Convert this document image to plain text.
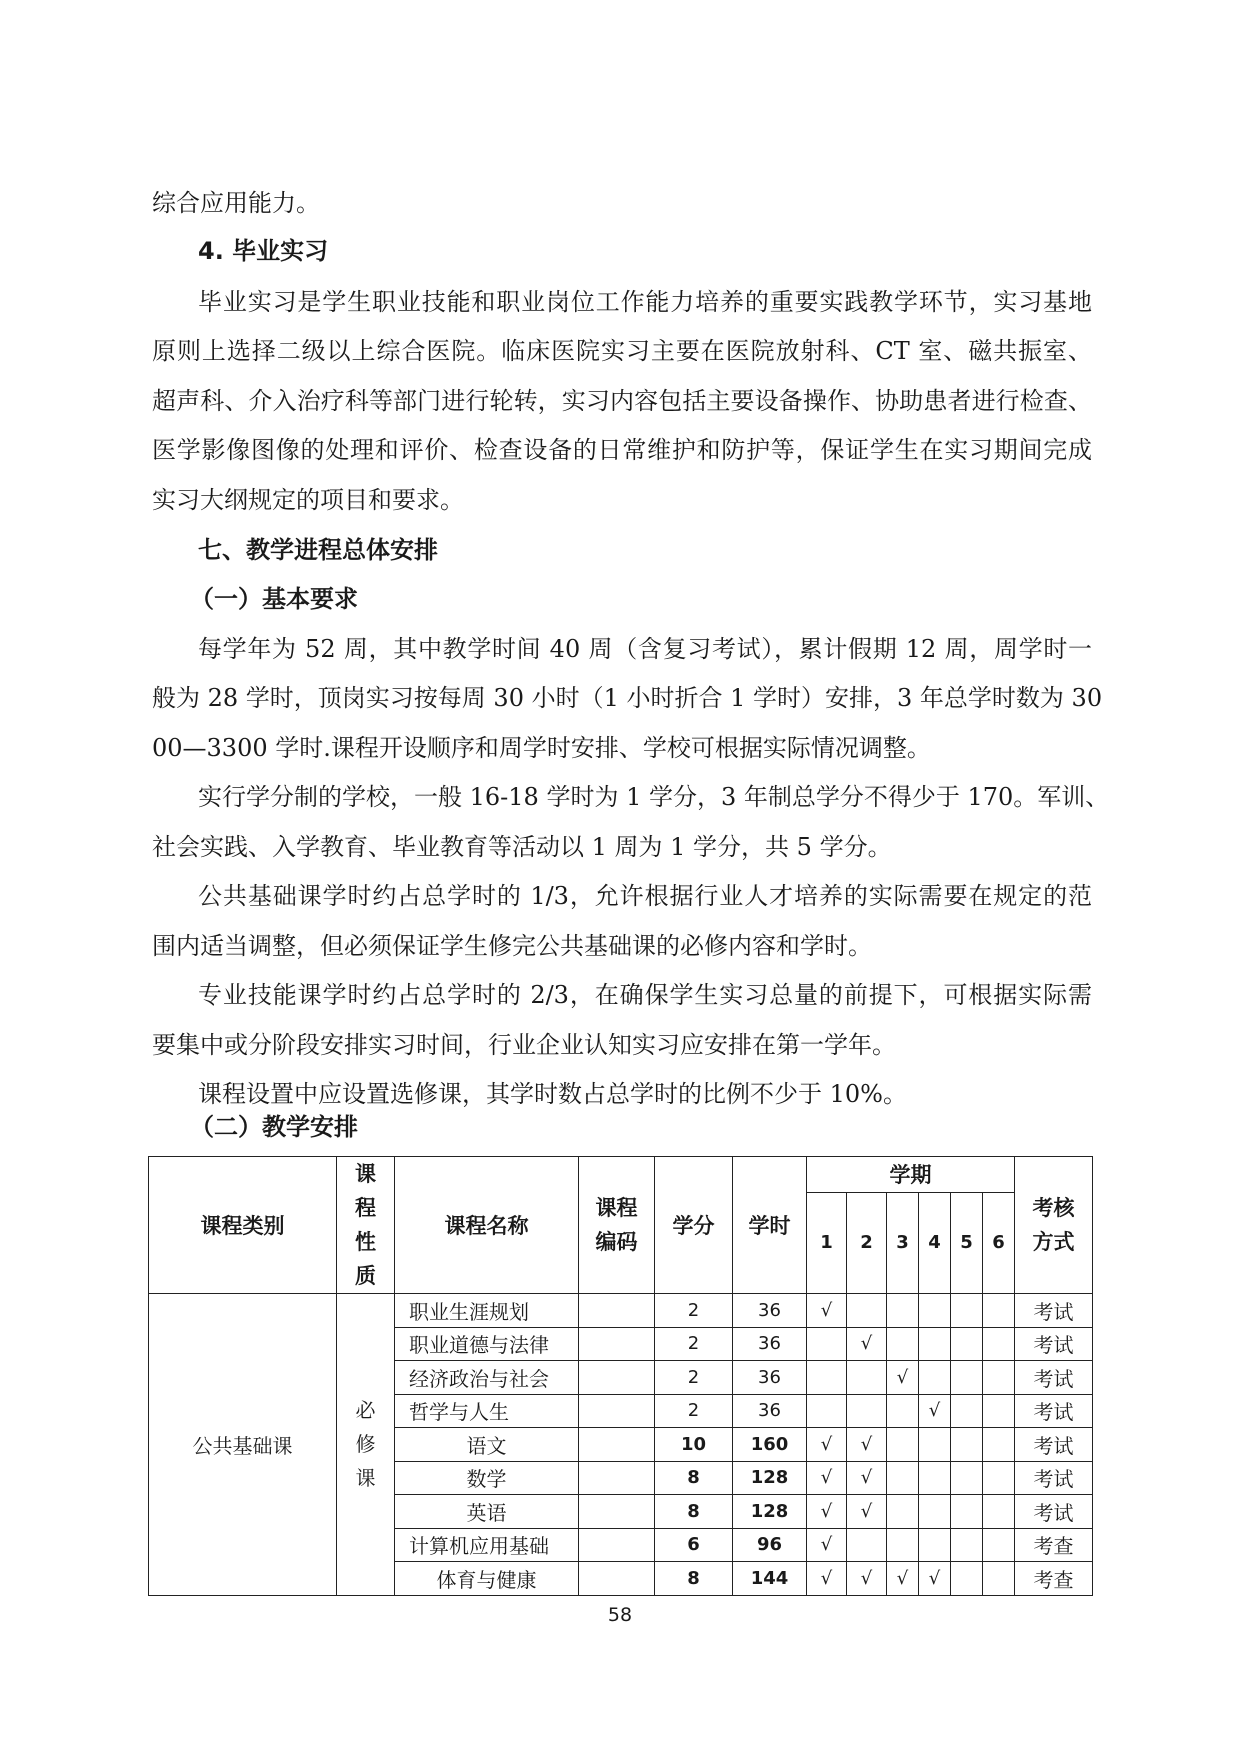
综合应用能力。
4. 毕业实习
毕业实习是学生职业技能和职业岗位工作能力培养的重要实践教学环节，实习基地
原则上选择二级以上综合医院。临床医院实习主要在医院放射科、CT 室、磁共振室、
超声科、介入治疗科等部门进行轮转，实习内容包括主要设备操作、协助患者进行检查、
医学影像图像的处理和评价、检查设备的日常维护和防护等，保证学生在实习期间完成
实习大纲规定的项目和要求。
七、教学进程总体安排
（一）基本要求
每学年为 52 周，其中教学时间 40 周（含复习考试），累计假期 12 周，周学时一
般为 28 学时，顶岗实习按每周 30 小时（1 小时折合 1 学时）安排，3 年总学时数为 30
00—3300 学时.课程开设顺序和周学时安排、学校可根据实际情况调整。
实行学分制的学校，一般 16-18 学时为 1 学分，3 年制总学分不得少于 170。军训、
社会实践、入学教育、毕业教育等活动以 1 周为 1 学分，共 5 学分。
公共基础课学时约占总学时的 1/3，允许根据行业人才培养的实际需要在规定的范
围内适当调整，但必须保证学生修完公共基础课的必修内容和学时。
专业技能课学时约占总学时的 2/3，在确保学生实习总量的前提下，可根据实际需
要集中或分阶段安排实习时间，行业企业认知实习应安排在第一学年。
课程设置中应设置选修课，其学时数占总学时的比例不少于 10%。
（二）教学安排
课程类别	课
程
性
质	课程名称	课程
编码	学分	学时	学期						考核
方式
						1	2	3	4	5	6	
公共基础课	必
修
课	职业生涯规划		2	36	√						考试
		职业道德与法律		2	36		√					考试
		经济政治与社会		2	36			√				考试
		哲学与人生		2	36				√			考试
		语文		10	160	√	√					考试
		数学		8	128	√	√					考试
		英语		8	128	√	√					考试
		计算机应用基础		6	96	√						考查
		体育与健康		8	144	√	√	√	√			考查
58
